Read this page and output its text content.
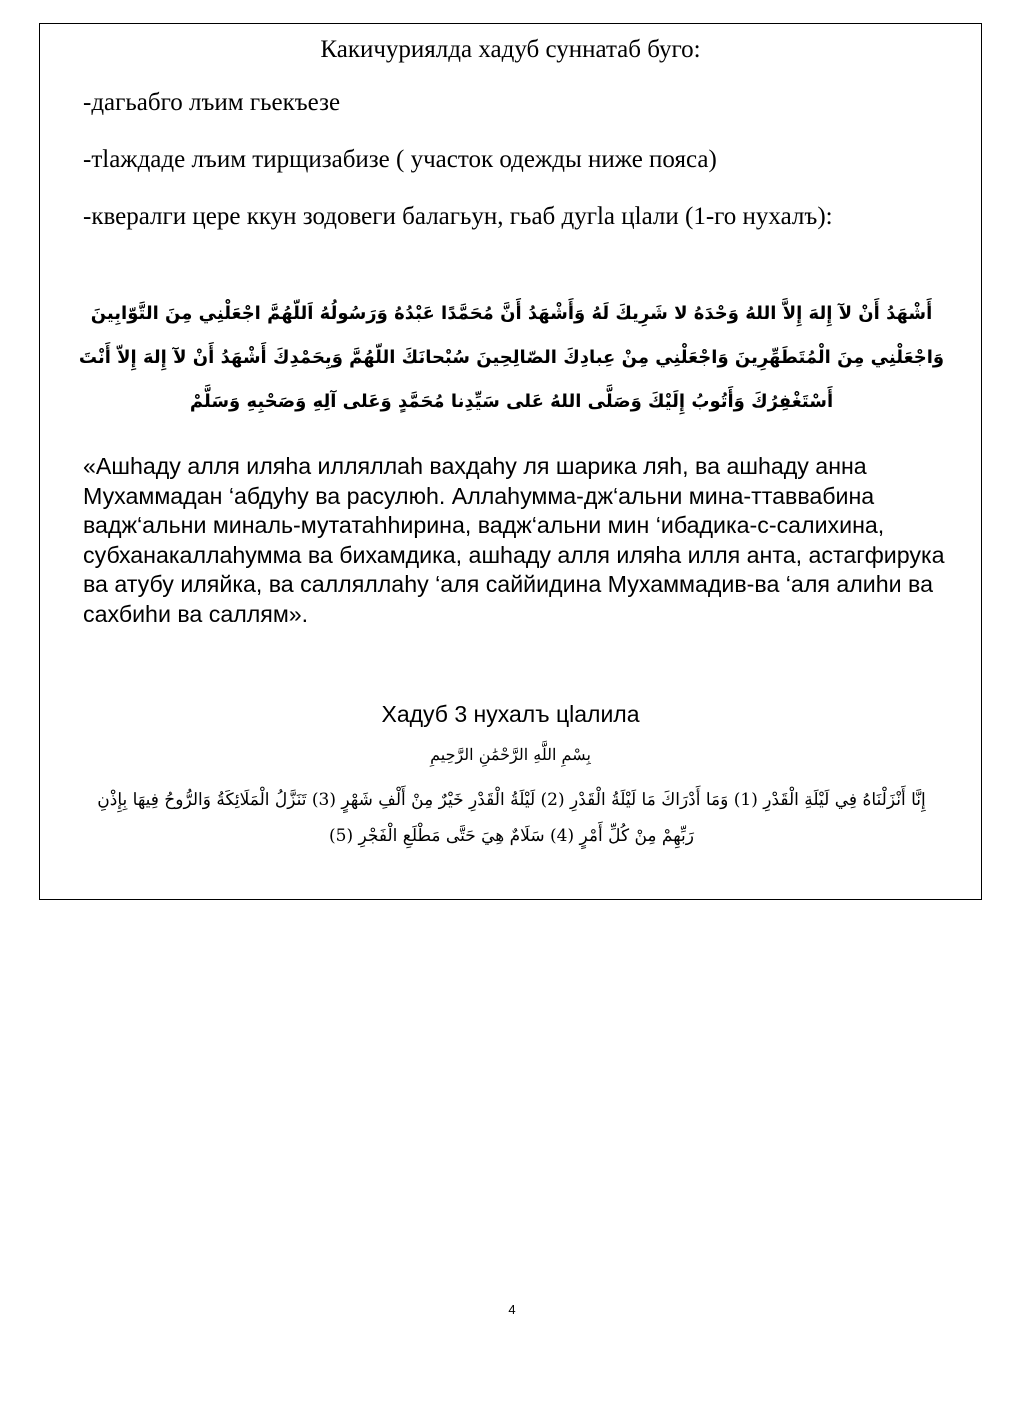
Какичуриялда хадуб суннатаб буго:
-дагьабго лъим гьекъезе
-тlаждаде лъим тирщизабизе ( участок одежды ниже пояса)
-квералги цере ккун зодовеги балагьун, гьаб дугlа цlали (1-го нухалъ):
أَشْهَدُ أَنْ لآ إِلهَ إِلاَّ اللهُ وَحْدَهُ لا شَرِيكَ لَهُ وَأَشْهَدُ أَنَّ مُحَمَّدًا عَبْدُهُ وَرَسُولُهُ اَللّهُمَّ اجْعَلْنِي مِنَ التَّوّابِينَ وَاجْعَلْنِي مِنَ الْمُتَطَهِّرِينَ وَاجْعَلْنِي مِنْ عِبادِكَ الصّالِحِينَ سُبْحانَكَ اللّهُمَّ وَبِحَمْدِكَ أَشْهَدُ أَنْ لآ إِلهَ إِلاّ أَنْتَ أَسْتَغْفِرُكَ وَأَتُوبُ إِلَيْكَ وَصَلَّى اللهُ عَلى سَيِّدِنا مُحَمَّدٍ وَعَلى آلِهِ وَصَحْبِهِ وَسَلَّمْ
«Ашhаду алля иляhа илляллаh ваxдаhу ля шарика ляh, ва ашhаду анна Мухаммадан ‘абдуhу ва расулюh. Аллаhумма-дж‘альни мина-ттаввабина вадж‘альни миналь-мутатаhhирина, вадж‘альни мин ‘ибадика-с-салихина, субханакаллаhумма ва бихамдика, ашhаду алля иляhа илля анта, астагфирука ва атубу иляйка, ва салляллаhу ‘аля саййидина Мухаммадив-ва ‘аля алиhи ва сахбиhи ва саллям».
Хадуб 3 нухалъ цlалила
بِسْمِ اللَّهِ الرَّحْمَٰنِ الرَّحِيمِ
إِنَّا أَنْزَلْنَاهُ فِي لَيْلَةِ الْقَدْرِ (1) وَمَا أَدْرَاكَ مَا لَيْلَةُ الْقَدْرِ (2) لَيْلَةُ الْقَدْرِ خَيْرٌ مِنْ أَلْفِ شَهْرٍ (3) تَنَزَّلُ الْمَلَائِكَةُ وَالرُّوحُ فِيهَا بِإِذْنِ رَبِّهِمْ مِنْ كُلِّ أَمْرٍ (4) سَلَامٌ هِيَ حَتَّى مَطْلَعِ الْفَجْرِ (5)
4
